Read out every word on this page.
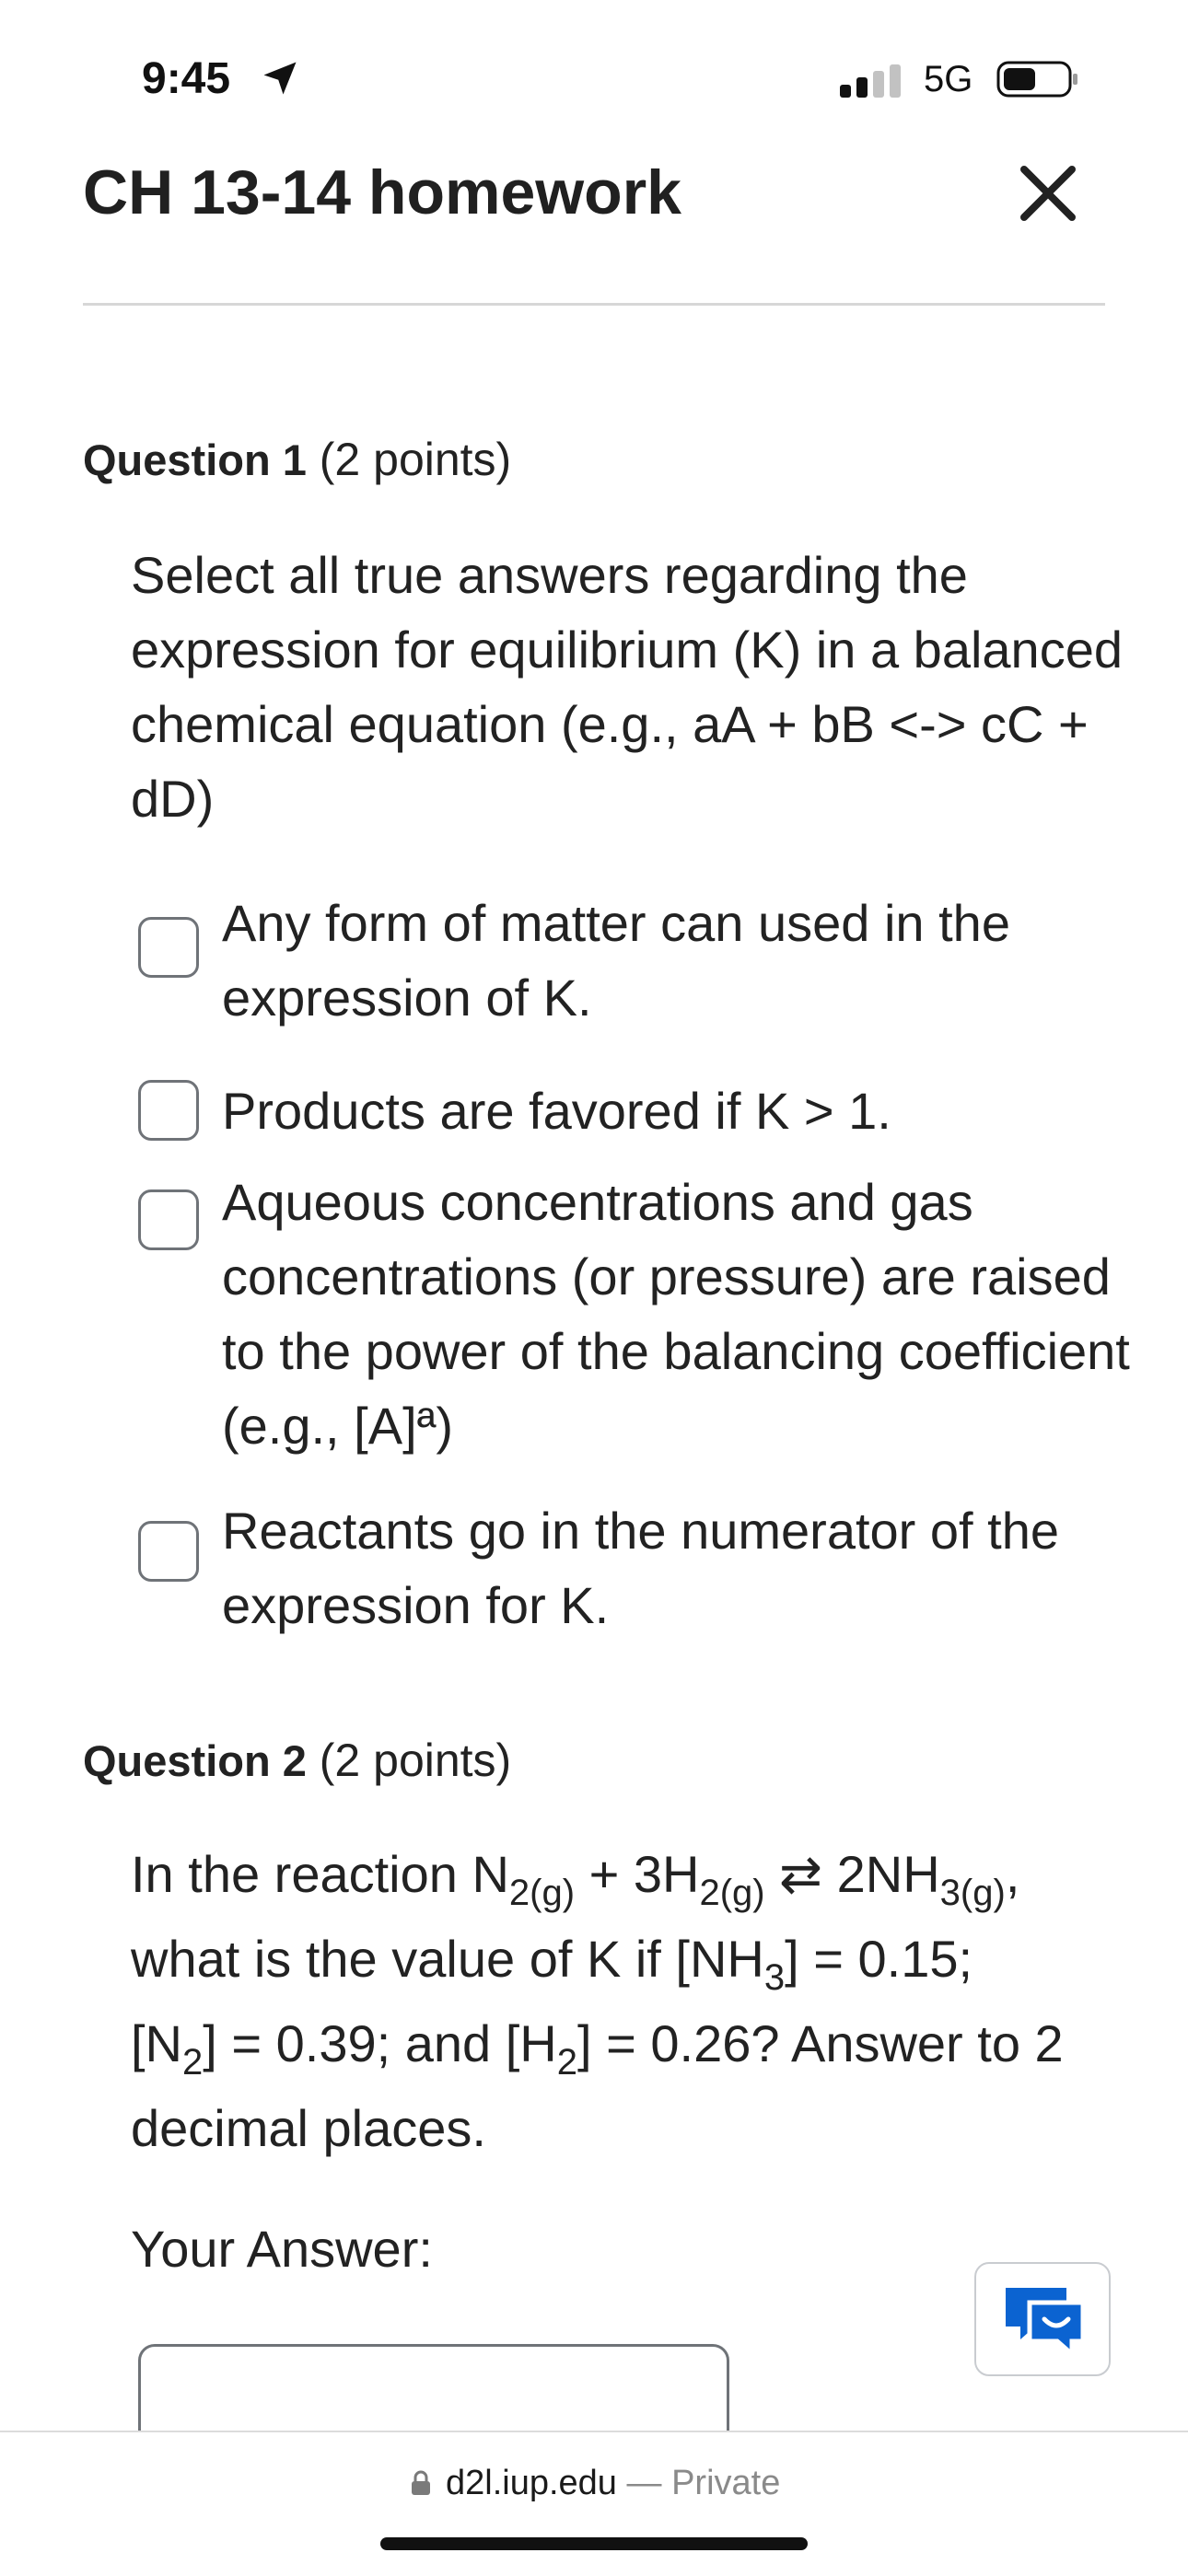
9:45	5G
CH 13-14 homework
Question 1 (2 points)
Select all true answers regarding the expression for equilibrium (K) in a balanced chemical equation (e.g., aA + bB <-> cC + dD)
Any form of matter can used in the expression of K.
Products are favored if K > 1.
Aqueous concentrations and gas concentrations (or pressure) are raised to the power of the balancing coefficient (e.g., [A]ª)
Reactants go in the numerator of the expression for K.
Question 2 (2 points)
In the reaction $N_{2(g)} + 3H_{2(g)}$ ⇄ $2NH_{3(g)}$,
what is the value of K if $[NH_3] = 0.15$;
$[N_2] = 0.39$; and $[H_2] = 0.26$? Answer to 2
decimal places.
Your Answer:
d2l.iup.edu — Private
